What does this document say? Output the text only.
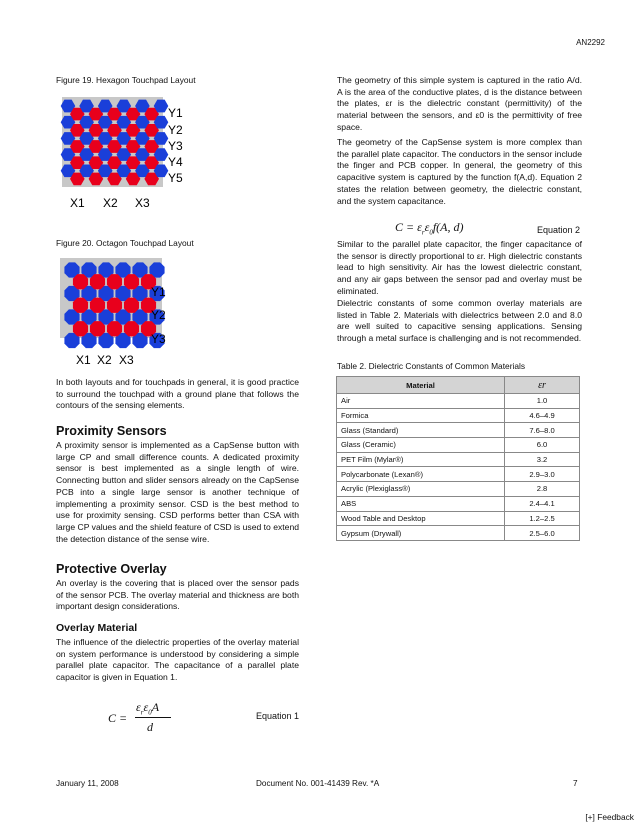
AN2292
Figure 19. Hexagon Touchpad Layout
Y1
Y2
Y3
Y4
Y5
X1 X2 X3
Figure 20. Octagon Touchpad Layout
Y1
Y2
Y3
X1 X2 X3

In both layouts and for touchpads in general, it is good practice to surround the touchpad with a ground plane that follows the contours of the sensing elements.

Proximity Sensors

A proximity sensor is implemented as a CapSense button with large CP and small difference counts. A dedicated proximity sensor is best implemented as a single length of wire. Connecting button and slider sensors already on the CapSense PCB into a single large sensor is another technique of implementing a proximity sensor. CSD is the best method to use for proximity sensing. CSD performs better than CSA with large CP values and the shield feature of CSD is used to extend the detection distance of the sense wire.

Protective Overlay

An overlay is the covering that is placed over the sensor pads of the sensor PCB. The overlay material and thickness are both important design considerations.

Overlay Material

The influence of the dielectric properties of the overlay material on system performance is understood by considering a simple parallel plate capacitor. The capacitance of a parallel plate capacitor is given in Equation 1.

C =
$\varepsilon_r\varepsilon_0A$
d
Equation 1

The geometry of this simple system is captured in the ratio A/d. A is the area of the conductive plates, d is the distance between the plates, εr is the dielectric constant (permittivity) of the material between the sensors, and ε0 is the permittivity of free space.

The geometry of the CapSense system is more complex than the parallel plate capacitor. The conductors in the sensor include the finger and PCB copper. In general, the geometry of this capacitive system is captured by the function f(A,d). Equation 2 states the relation between geometry, the dielectric constant, and the system capacitance.

$C = \varepsilon_r\varepsilon_0f(A$, d)	Equation 2

Similar to the parallel plate capacitor, the finger capacitance of the sensor is directly proportional to εr. High dielectric constants lead to high sensitivity. Air has the lowest dielectric constant, and any air gaps between the sensor pad and overlay must be eliminated.

Dielectric constants of some common overlay materials are listed in Table 2. Materials with dielectrics between 2.0 and 8.0 are well suited to capacitive sensing applications. Sensing through a metal surface is challenging and is not recommended.

Table 2. Dielectric Constants of Common Materials
Material	εr
Air	1.0
Formica	4.6–4.9
Glass (Standard)	7.6–8.0
Glass (Ceramic)	6.0
PET Film (Mylar®)	3.2
Polycarbonate (Lexan®)	2.9–3.0
Acrylic (Plexiglass®)	2.8
ABS	2.4–4.1
Wood Table and Desktop	1.2–2.5
Gypsum (Drywall)	2.5–6.0
January 11, 2008	Document No. 001-41439 Rev. *A	7
[+] Feedback
